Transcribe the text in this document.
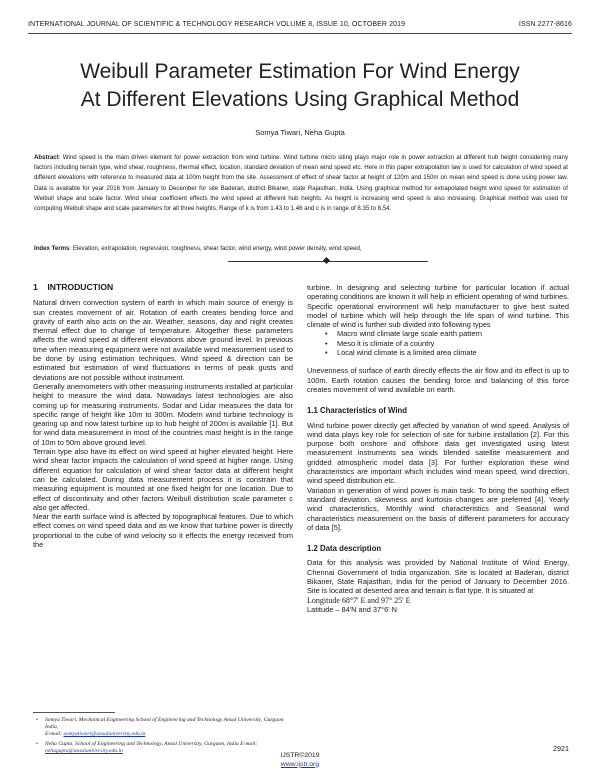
INTERNATIONAL JOURNAL OF SCIENTIFIC & TECHNOLOGY RESEARCH VOLUME 8, ISSUE 10, OCTOBER 2019	ISSN 2277-8616
Weibull Parameter Estimation For Wind Energy
At Different Elevations Using Graphical Method
Somya Tiwari, Neha Gupta
Abstract: Wind speed is the main driven element for power extraction from wind turbine. Wind turbine micro siting plays major role in power extraction at different hub height considering many factors including terrain type, wind shear, roughness, thermal effect, location, standard deviation of mean wind speed etc. Here in this paper extrapolation law is used for calculation of wind speed at different elevations with reference to measured data at 100m height from the site. Assessment of effect of shear factor at height of 120m and 150m on mean wind speed is done using power law. Data is available for year 2016 from January to December for site Baderan, district Bikaner, state Rajasthan, India. Using graphical method for extrapolated height wind speed for estimation of Weibull shape and scale factor. Wind shear coefficient effects the wind speed at different hub heights. As height is increasing wind speed is also increasing. Graphical method was used for computing Weibull shape and scale parameters for all three heights. Range of k is from 1.43 to 1.46 and c is in range of 8.35 to 8.54.
Index Terms: Elevation, extrapolation, regression, roughness, shear factor, wind energy, wind power density, wind speed,
1 INTRODUCTION

Natural driven convection system of earth in which main source of energy is sun creates movement of air. Rotation of earth creates bending force and gravity of earth also acts on the air. Weather, seasons, day and night creates thermal effect due to change of temperature. Altogether these parameters affects the wind speed at different elevations above ground level. In previous time when measuring equipment were not available wind measurement used to be done by using estimation techniques. Wind speed & direction can be estimated but estimation of wind fluctuations in terms of peak gusts and deviations are not possible without instrument.

Generally anemometers with other measuring instruments installed at particular height to measure the wind data. Nowadays latest technologies are also coming up for measuring instruments. Sodar and Lidar measures the data for specific range of height like 10m to 300m. Modern wind turbine technology is gearing up and now latest turbine up to hub height of 200m is available [1]. But for wind data measurement in most of the countries mast height is in the range of 10m to 50m above ground level.

Terrain type also have its effect on wind speed at higher elevated height. Here wind shear factor impacts the calculation of wind speed at higher range. Using different equation for calculation of wind shear factor data at different height can be calculated. During data measurement process it is constrain that measuring equipment is mounted at one fixed height for one location. Due to effect of discontinuity and other factors Weibull distribution scale parameter c also get affected.

Near the earth surface wind is affected by topographical features. Due to which effect comes on wind speed data and as we know that turbine power is directly proportional to the cube of wind velocity so it effects the energy received from the

• Somya Tiwari, Mechanical Engineering School of Engineering and Technology Ansal University, Gurgaon India,
E-mail: somyatiwari@ansaluniversity.edu.in
• Neha Gupta, School of Engineering and Technology, Ansal University, Gurgaon, India E-mail: nehagupta@ansaluniversity.edu.in

turbine. In designing and selecting turbine for particular location if actual operating conditions are known it will help in efficient operating of wind turbines. Specific operational environment will help manufacturer to give best suited model of turbine which will help through the life span of wind turbine. This climate of wind is further sub divided into following types

• Macro wind climate large scale earth pattern
• Meso it is climate of a country
• Local wind climate is a limited area climate

Unevenness of surface of earth directly effects the air flow and its effect is up to 100m. Earth rotation causes the bending force and balancing of this force creates movement of wind available on earth.

1.1 Characteristics of Wind

Wind turbine power directly get affected by variation of wind speed. Analysis of wind data plays key role for selection of site for turbine installation [2]. For this purpose both onshore and offshore data get investigated using latest measurement instruments sea winds blended satellite measurement and gridded atmospheric model data [3]. For further exploration these wind characteristics are important which includes wind mean speed, wind direction, wind speed distribution etc.

Variation in generation of wind power is main task. To bring the soothing effect standard deviation, skewness and kurtosis changes are preferred [4]. Yearly wind characteristics, Monthly wind characteristics and Seasonal wind characteristics measurement on the basis of different parameters for accuracy of data [5].

1.2 Data description

Data for this analysis was provided by National Institute of Wind Energy, Chennai Government of India organization. Site is located at Baderan, district Bikaner, State Rajasthan, India for the period of January to December 2016. Site is located at deserted area and terrain is flat type. It is situated at

Longitude 68°7' E and 97° 25' E
Latitude – 84'N and 37°6' N
2921
IJSTR©2019
www.ijstr.org
